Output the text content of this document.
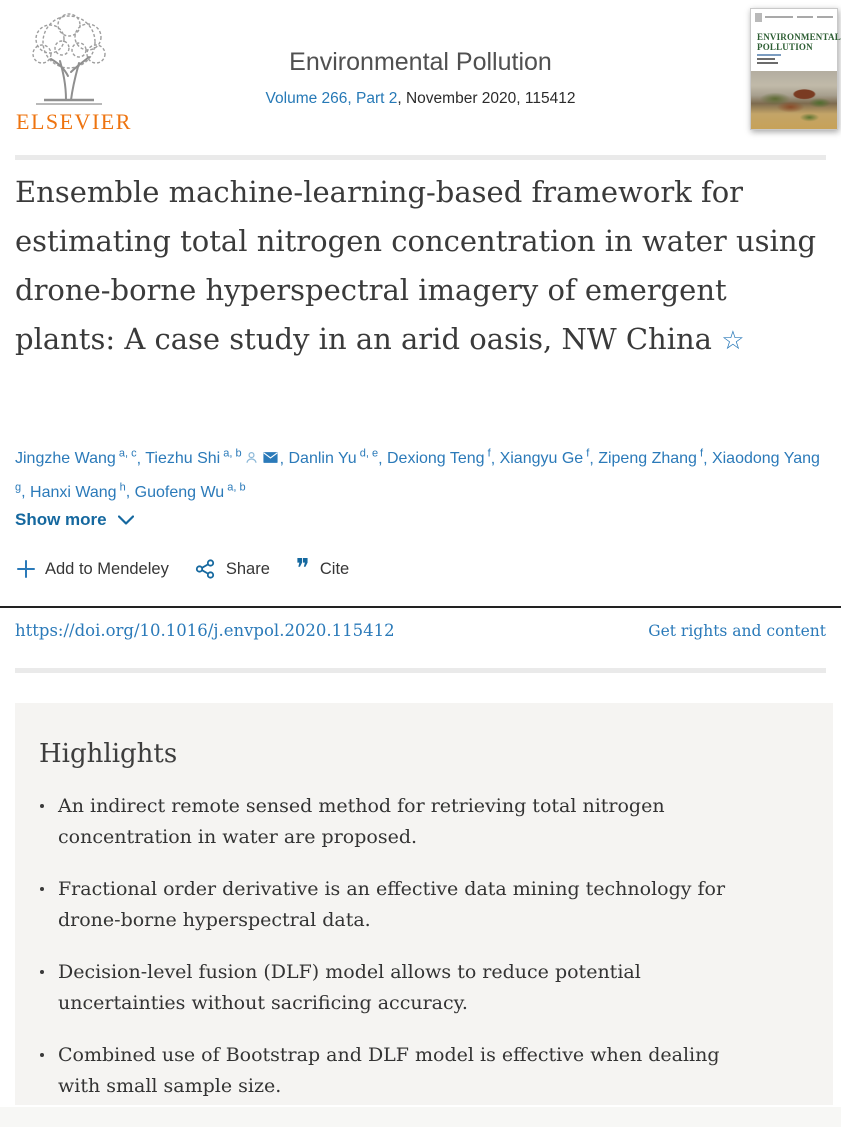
ELSEVIER
Environmental Pollution
Volume 266, Part 2, November 2020, 115412
ENVIRONMENTAL
POLLUTION
Ensemble machine-learning-based framework for estimating total nitrogen concentration in water using drone-borne hyperspectral imagery of emergent plants: A case study in an arid oasis, NW China ☆
Jingzhe Wang $^{a, c}$, Tiezhu Shi $^{a, b}$ , Danlin Yu $^{d, e}$, Dexiong Teng $^f$, Xiangyu Ge $^f$, Zipeng Zhang $^f$, Xiaodong Yang $^g$, Hanxi Wang $^h$, Guofeng Wu $^{a, b}$
Show more
Add to Mendeley	Share ❞ Cite
https://doi.org/10.1016/j.envpol.2020.115412	Get rights and content
Highlights
An indirect remote sensed method for retrieving total nitrogen concentration in water are proposed.
Fractional order derivative is an effective data mining technology for drone-borne hyperspectral data.
Decision-level fusion (DLF) model allows to reduce potential uncertainties without sacrificing accuracy.
Combined use of Bootstrap and DLF model is effective when dealing with small sample size.
